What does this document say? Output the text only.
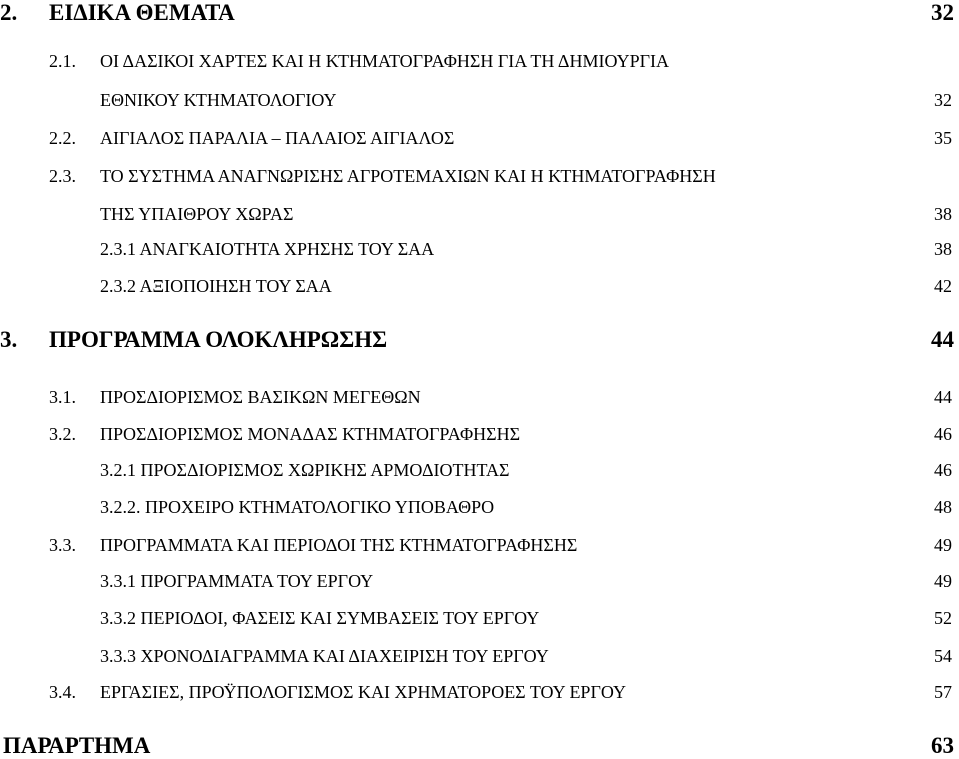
2. ΕΙΔΙΚΑ ΘΕΜΑΤΑ	32
2.1. ΟΙ ΔΑΣΙΚΟΙ ΧΑΡΤΕΣ ΚΑΙ Η ΚΤΗΜΑΤΟΓΡΑΦΗΣΗ ΓΙΑ ΤΗ ΔΗΜΙΟΥΡΓΙΑ
ΕΘΝΙΚΟΥ ΚΤΗΜΑΤΟΛΟΓΙΟΥ	32
2.2. ΑΙΓΙΑΛΟΣ ΠΑΡΑΛΙΑ – ΠΑΛΑΙΟΣ ΑΙΓΙΑΛΟΣ	35
2.3. ΤΟ ΣΥΣΤΗΜΑ ΑΝΑΓΝΩΡΙΣΗΣ ΑΓΡΟΤΕΜΑΧΙΩΝ ΚΑΙ Η ΚΤΗΜΑΤΟΓΡΑΦΗΣΗ
ΤΗΣ ΥΠΑΙΘΡΟΥ ΧΩΡΑΣ	38
2.3.1 ΑΝΑΓΚΑΙΟΤΗΤΑ ΧΡΗΣΗΣ ΤΟΥ ΣΑΑ	38
2.3.2 ΑΞΙΟΠΟΙΗΣΗ ΤΟΥ ΣΑΑ	42
3. ΠΡΟΓΡΑΜΜΑ ΟΛΟΚΛΗΡΩΣΗΣ	44
3.1. ΠΡΟΣΔΙΟΡΙΣΜΟΣ ΒΑΣΙΚΩΝ ΜΕΓΕΘΩΝ	44
3.2. ΠΡΟΣΔΙΟΡΙΣΜΟΣ ΜΟΝΑΔΑΣ ΚΤΗΜΑΤΟΓΡΑΦΗΣΗΣ	46
3.2.1 ΠΡΟΣΔΙΟΡΙΣΜΟΣ ΧΩΡΙΚΗΣ ΑΡΜΟΔΙΟΤΗΤΑΣ	46
3.2.2. ΠΡΟΧΕΙΡΟ ΚΤΗΜΑΤΟΛΟΓΙΚΟ ΥΠΟΒΑΘΡΟ	48
3.3. ΠΡΟΓΡΑΜΜΑΤΑ ΚΑΙ ΠΕΡΙΟΔΟΙ ΤΗΣ ΚΤΗΜΑΤΟΓΡΑΦΗΣΗΣ	49
3.3.1 ΠΡΟΓΡΑΜΜΑΤΑ ΤΟΥ ΕΡΓΟΥ	49
3.3.2 ΠΕΡΙΟΔΟΙ, ΦΑΣΕΙΣ ΚΑΙ ΣΥΜΒΑΣΕΙΣ ΤΟΥ ΕΡΓΟΥ	52
3.3.3 ΧΡΟΝΟΔΙΑΓΡΑΜΜΑ ΚΑΙ ΔΙΑΧΕΙΡΙΣΗ ΤΟΥ ΕΡΓΟΥ	54
3.4. ΕΡΓΑΣΙΕΣ, ΠΡΟΫΠΟΛΟΓΙΣΜΟΣ ΚΑΙ ΧΡΗΜΑΤΟΡΟΕΣ ΤΟΥ ΕΡΓΟΥ	57
ΠΑΡΑΡΤΗΜΑ	63
